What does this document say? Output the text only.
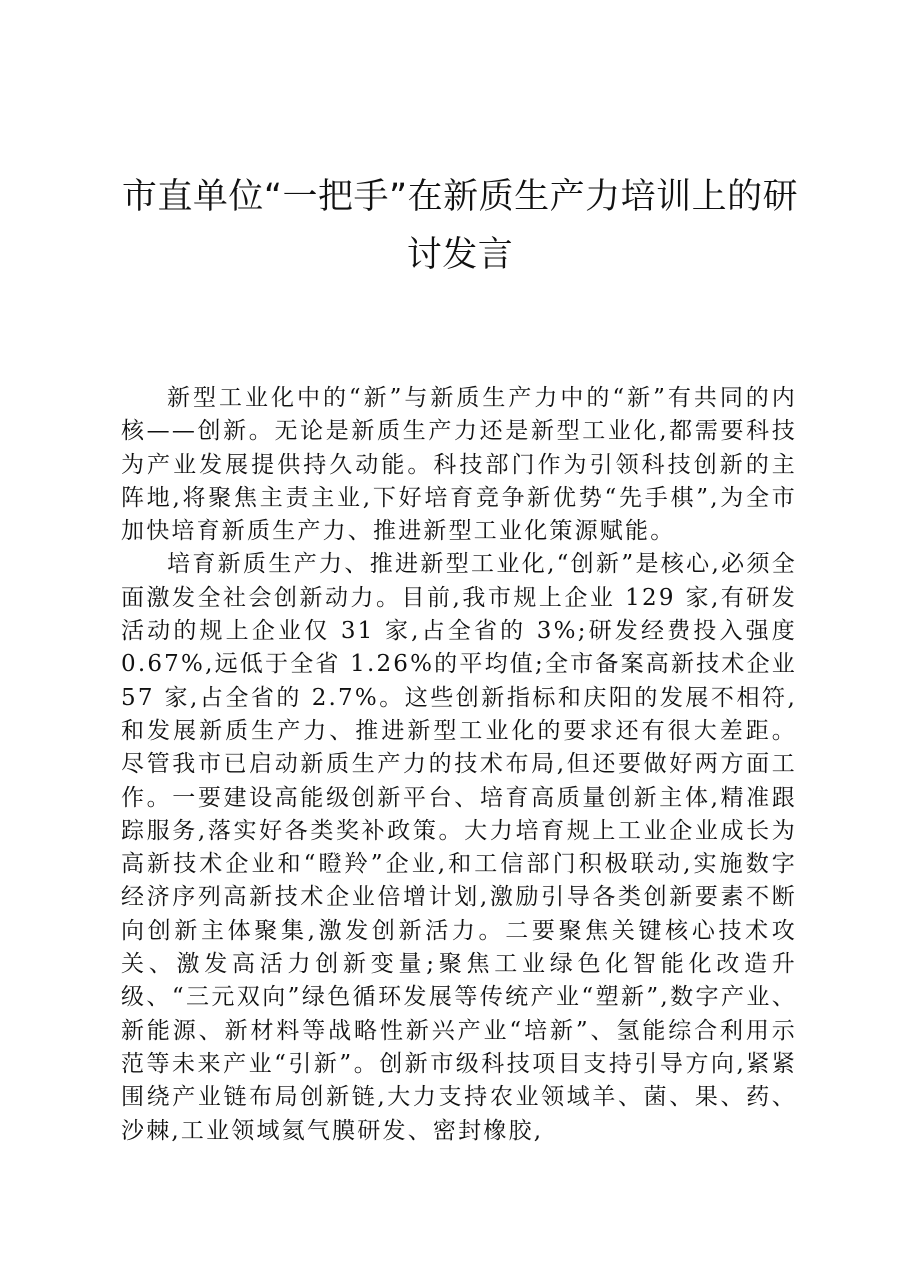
市直单位“一把手”在新质生产力培训上的研讨发言

新型工业化中的“新”与新质生产力中的“新”有共同的内核——创新。无论是新质生产力还是新型工业化,都需要科技为产业发展提供持久动能。科技部门作为引领科技创新的主阵地,将聚焦主责主业,下好培育竞争新优势“先手棋”,为全市加快培育新质生产力、推进新型工业化策源赋能。

培育新质生产力、推进新型工业化,“创新”是核心,必须全面激发全社会创新动力。目前,我市规上企业 129 家,有研发活动的规上企业仅 31 家,占全省的 3%;研发经费投入强度 0.67%,远低于全省 1.26%的平均值;全市备案高新技术企业 57 家,占全省的 2.7%。这些创新指标和庆阳的发展不相符,和发展新质生产力、推进新型工业化的要求还有很大差距。尽管我市已启动新质生产力的技术布局,但还要做好两方面工作。一要建设高能级创新平台、培育高质量创新主体,精准跟踪服务,落实好各类奖补政策。大力培育规上工业企业成长为高新技术企业和“瞪羚”企业,和工信部门积极联动,实施数字经济序列高新技术企业倍增计划,激励引导各类创新要素不断向创新主体聚集,激发创新活力。二要聚焦关键核心技术攻关、激发高活力创新变量;聚焦工业绿色化智能化改造升级、“三元双向”绿色循环发展等传统产业“塑新”,数字产业、新能源、新材料等战略性新兴产业“培新”、氢能综合利用示范等未来产业“引新”。创新市级科技项目支持引导方向,紧紧围绕产业链布局创新链,大力支持农业领域羊、菌、果、药、沙棘,工业领域氦气膜研发、密封橡胶,
